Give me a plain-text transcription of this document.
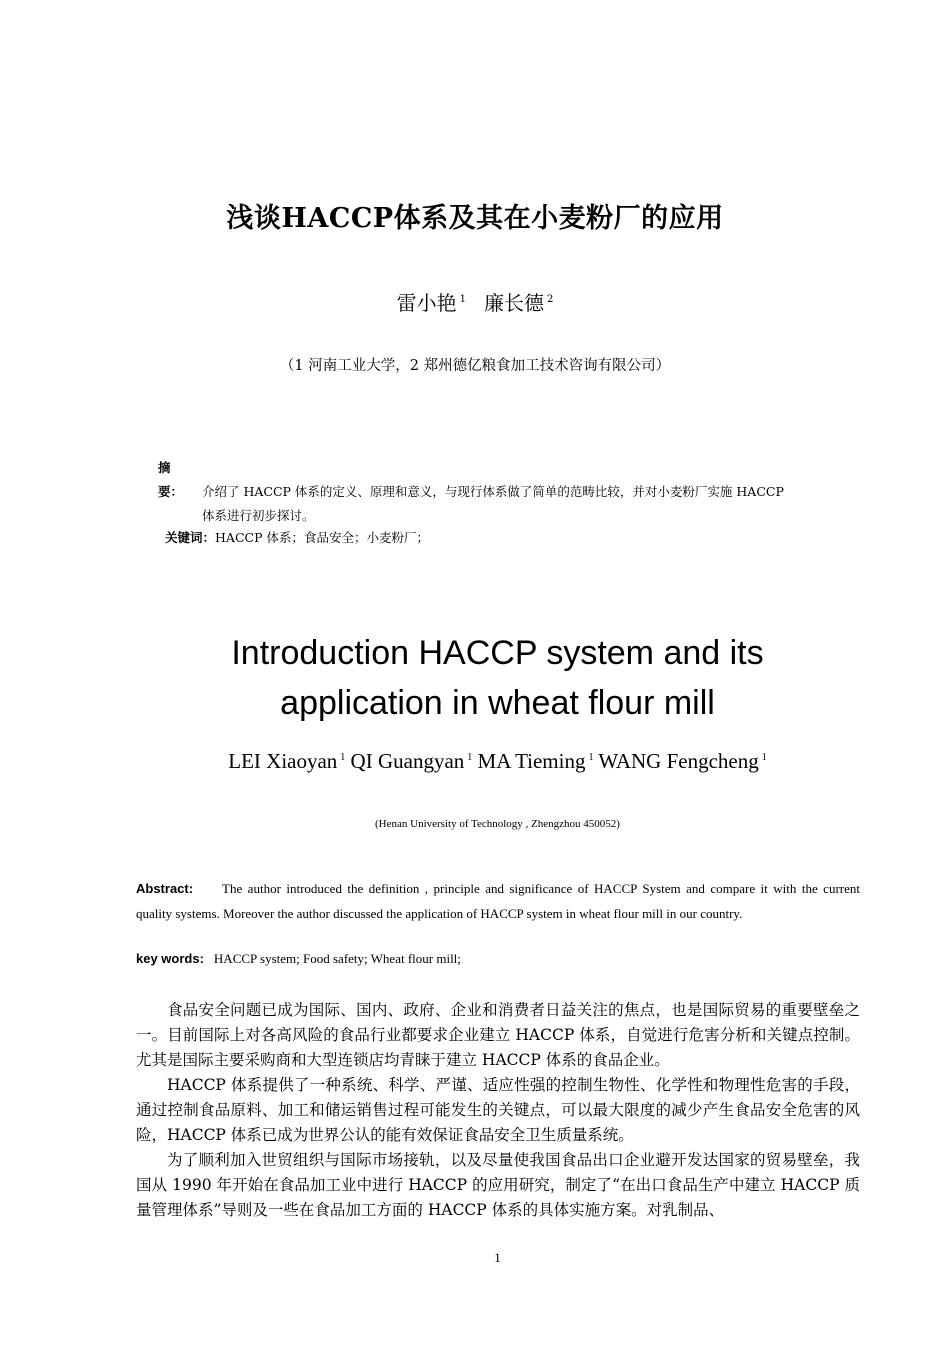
浅谈HACCP体系及其在小麦粉厂的应用
雷小艳 $^1$ 廉长德 $^2$
（1 河南工业大学，2 郑州德亿粮食加工技术咨询有限公司）
摘　要： 介绍了 HACCP 体系的定义、原理和意义，与现行体系做了简单的范畴比较，并对小麦粉厂实施 HACCP
体系进行初步探讨。
关键词：HACCP 体系；食品安全；小麦粉厂；
Introduction HACCP system and its
application in wheat flour mill
LEI Xiaoyan $^1$ QI Guangyan $^1$ MA Tieming $^1$ WANG Fengcheng $^1$
(Henan University of Technology , Zhengzhou 450052)
Abstract: The author introduced the definition , principle and significance of HACCP System and compare it with the current quality systems. Moreover the author discussed the application of HACCP system in wheat flour mill in our country.
key words: HACCP system; Food safety; Wheat flour mill;

食品安全问题已成为国际、国内、政府、企业和消费者日益关注的焦点，也是国际贸易的重要壁垒之一。目前国际上对各高风险的食品行业都要求企业建立 HACCP 体系，自觉进行危害分析和关键点控制。尤其是国际主要采购商和大型连锁店均青睐于建立 HACCP 体系的食品企业。

HACCP 体系提供了一种系统、科学、严谨、适应性强的控制生物性、化学性和物理性危害的手段，通过控制食品原料、加工和储运销售过程可能发生的关键点，可以最大限度的减少产生食品安全危害的风险，HACCP 体系已成为世界公认的能有效保证食品安全卫生质量系统。

为了顺利加入世贸组织与国际市场接轨，以及尽量使我国食品出口企业避开发达国家的贸易壁垒，我国从 1990 年开始在食品加工业中进行 HACCP 的应用研究，制定了“在出口食品生产中建立 HACCP 质量管理体系”导则及一些在食品加工方面的 HACCP 体系的具体实施方案。对乳制品、

1
